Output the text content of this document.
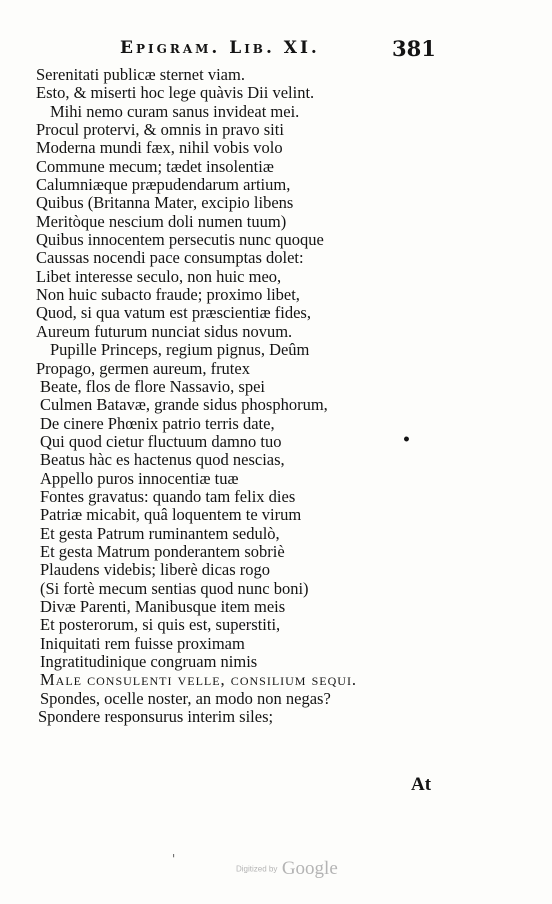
Epigram. Lib. XI.	381
Serenitati publicæ sternet viam.
Esto, & miserti hoc lege quàvis Dii velint.
Mihi nemo curam sanus invideat mei.
Procul protervi, & omnis in pravo siti
Moderna mundi fæx, nihil vobis volo
Commune mecum; tædet insolentiæ
Calumniæque præpudendarum artium,
Quibus (Britanna Mater, excipio libens
Meritòque nescium doli numen tuum)
Quibus innocentem persecutis nunc quoque
Caussas nocendi pace consumptas dolet:
Libet interesse seculo, non huic meo,
Non huic subacto fraude; proximo libet,
Quod, si qua vatum est præscientiæ fides,
Aureum futurum nunciat sidus novum.
Pupille Princeps, regium pignus, Deûm
Propago, germen aureum, frutex
Beate, flos de flore Nassavio, spei
Culmen Batavæ, grande sidus phosphorum,
De cinere Phœnix patrio terris date,
Qui quod cietur fluctuum damno tuo
Beatus hàc es hactenus quod nescias,
Appello puros innocentiæ tuæ
Fontes gravatus: quando tam felix dies
Patriæ micabit, quâ loquentem te virum
Et gesta Patrum ruminantem sedulò,
Et gesta Matrum ponderantem sobriè
Plaudens videbis; liberè dicas rogo
(Si fortè mecum sentias quod nunc boni)
Divæ Parenti, Manibusque item meis
Et posterorum, si quis est, superstiti,
Iniquitati rem fuisse proximam
Ingratitudinique congruam nimis
Male consulenti velle, consilium sequi.
Spondes, ocelle noster, an modo non negas?
Spondere responsurus interim siles;
•
At
'
Digitized by Google
